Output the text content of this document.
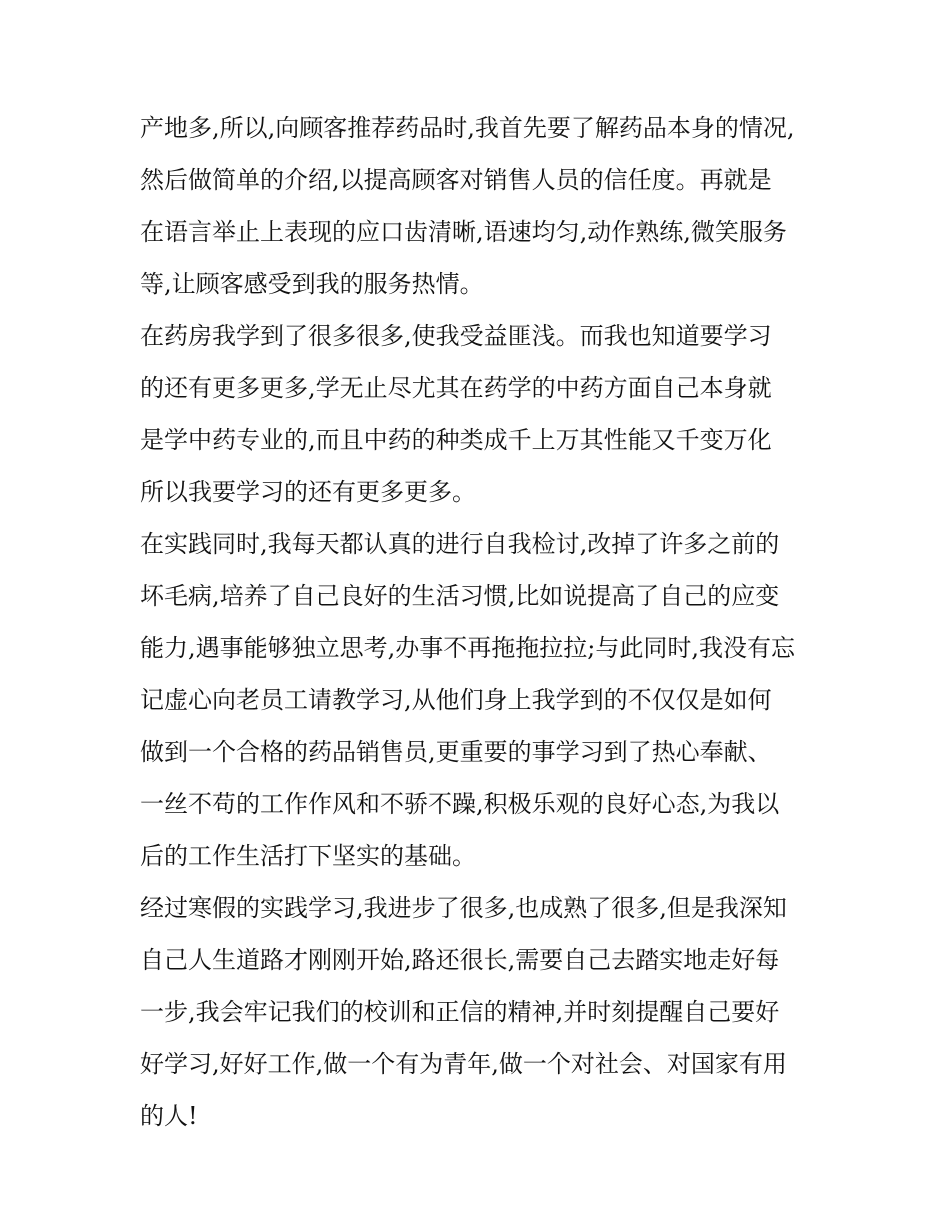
产地多,所以,向顾客推荐药品时,我首先要了解药品本身的情况,
然后做简单的介绍,以提高顾客对销售人员的信任度。再就是
在语言举止上表现的应口齿清晰,语速均匀,动作熟练,微笑服务
等,让顾客感受到我的服务热情。
在药房我学到了很多很多,使我受益匪浅。而我也知道要学习
的还有更多更多,学无止尽尤其在药学的中药方面自己本身就
是学中药专业的,而且中药的种类成千上万其性能又千变万化
所以我要学习的还有更多更多。
在实践同时,我每天都认真的进行自我检讨,改掉了许多之前的
坏毛病,培养了自己良好的生活习惯,比如说提高了自己的应变
能力,遇事能够独立思考,办事不再拖拖拉拉;与此同时,我没有忘
记虚心向老员工请教学习,从他们身上我学到的不仅仅是如何
做到一个合格的药品销售员,更重要的事学习到了热心奉献、
一丝不苟的工作作风和不骄不躁,积极乐观的良好心态,为我以
后的工作生活打下坚实的基础。
经过寒假的实践学习,我进步了很多,也成熟了很多,但是我深知
自己人生道路才刚刚开始,路还很长,需要自己去踏实地走好每
一步,我会牢记我们的校训和正信的精神,并时刻提醒自己要好
好学习,好好工作,做一个有为青年,做一个对社会、对国家有用
的人!
